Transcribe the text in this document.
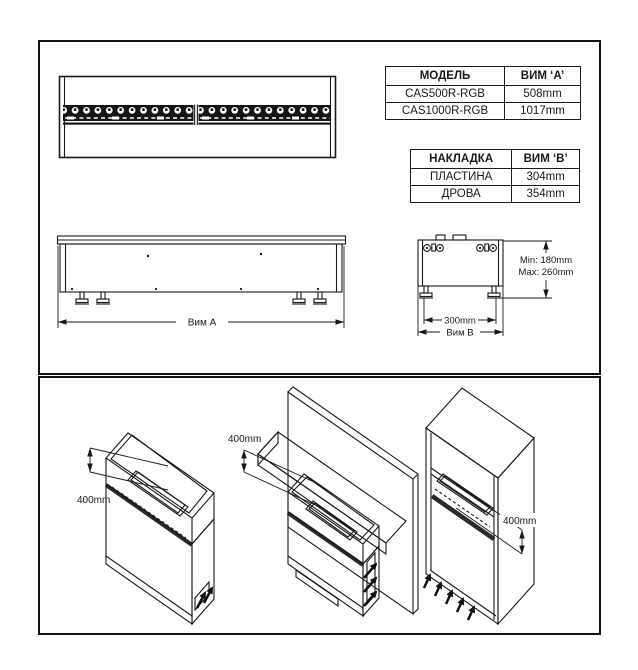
МОДЕЛЬ	ВИМ ‘А’
CAS500R-RGB	508mm
CAS1000R-RGB	1017mm
НАКЛАДКА	ВИМ ‘В’
ПЛАСТИНА	304mm
ДРОВА	354mm
Вим A
Min: 180mm
Max: 260mm
300mm
Вим B
400mm
400mm
400mm
